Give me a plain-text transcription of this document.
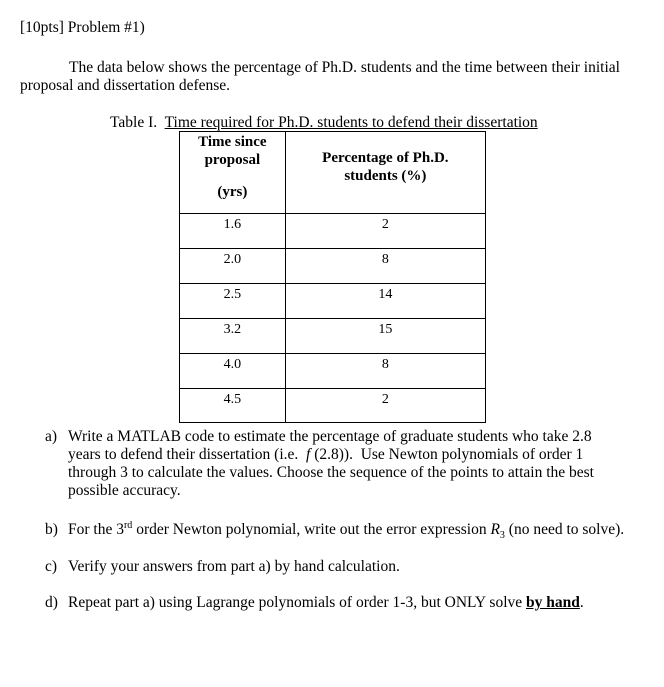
[10pts] Problem #1)
The data below shows the percentage of Ph.D. students and the time between their initial
proposal and dissertation defense.
Table I.  Time required for Ph.D. students to defend their dissertation
Time since
proposal
(yrs)	Percentage of Ph.D.
students (%)

1.6	2
2.0	8
2.5	14
3.2	15
4.0	8
4.5	2
a) Write a MATLAB code to estimate the percentage of graduate students who take 2.8
years to defend their dissertation (i.e.  f (2.8)).  Use Newton polynomials of order 1
through 3 to calculate the values. Choose the sequence of the points to attain the best
possible accuracy.
b) For the 3rd order Newton polynomial, write out the error expression $R_3$ (no need to solve).
c) Verify your answers from part a) by hand calculation.
d) Repeat part a) using Lagrange polynomials of order 1-3, but ONLY solve by hand.
